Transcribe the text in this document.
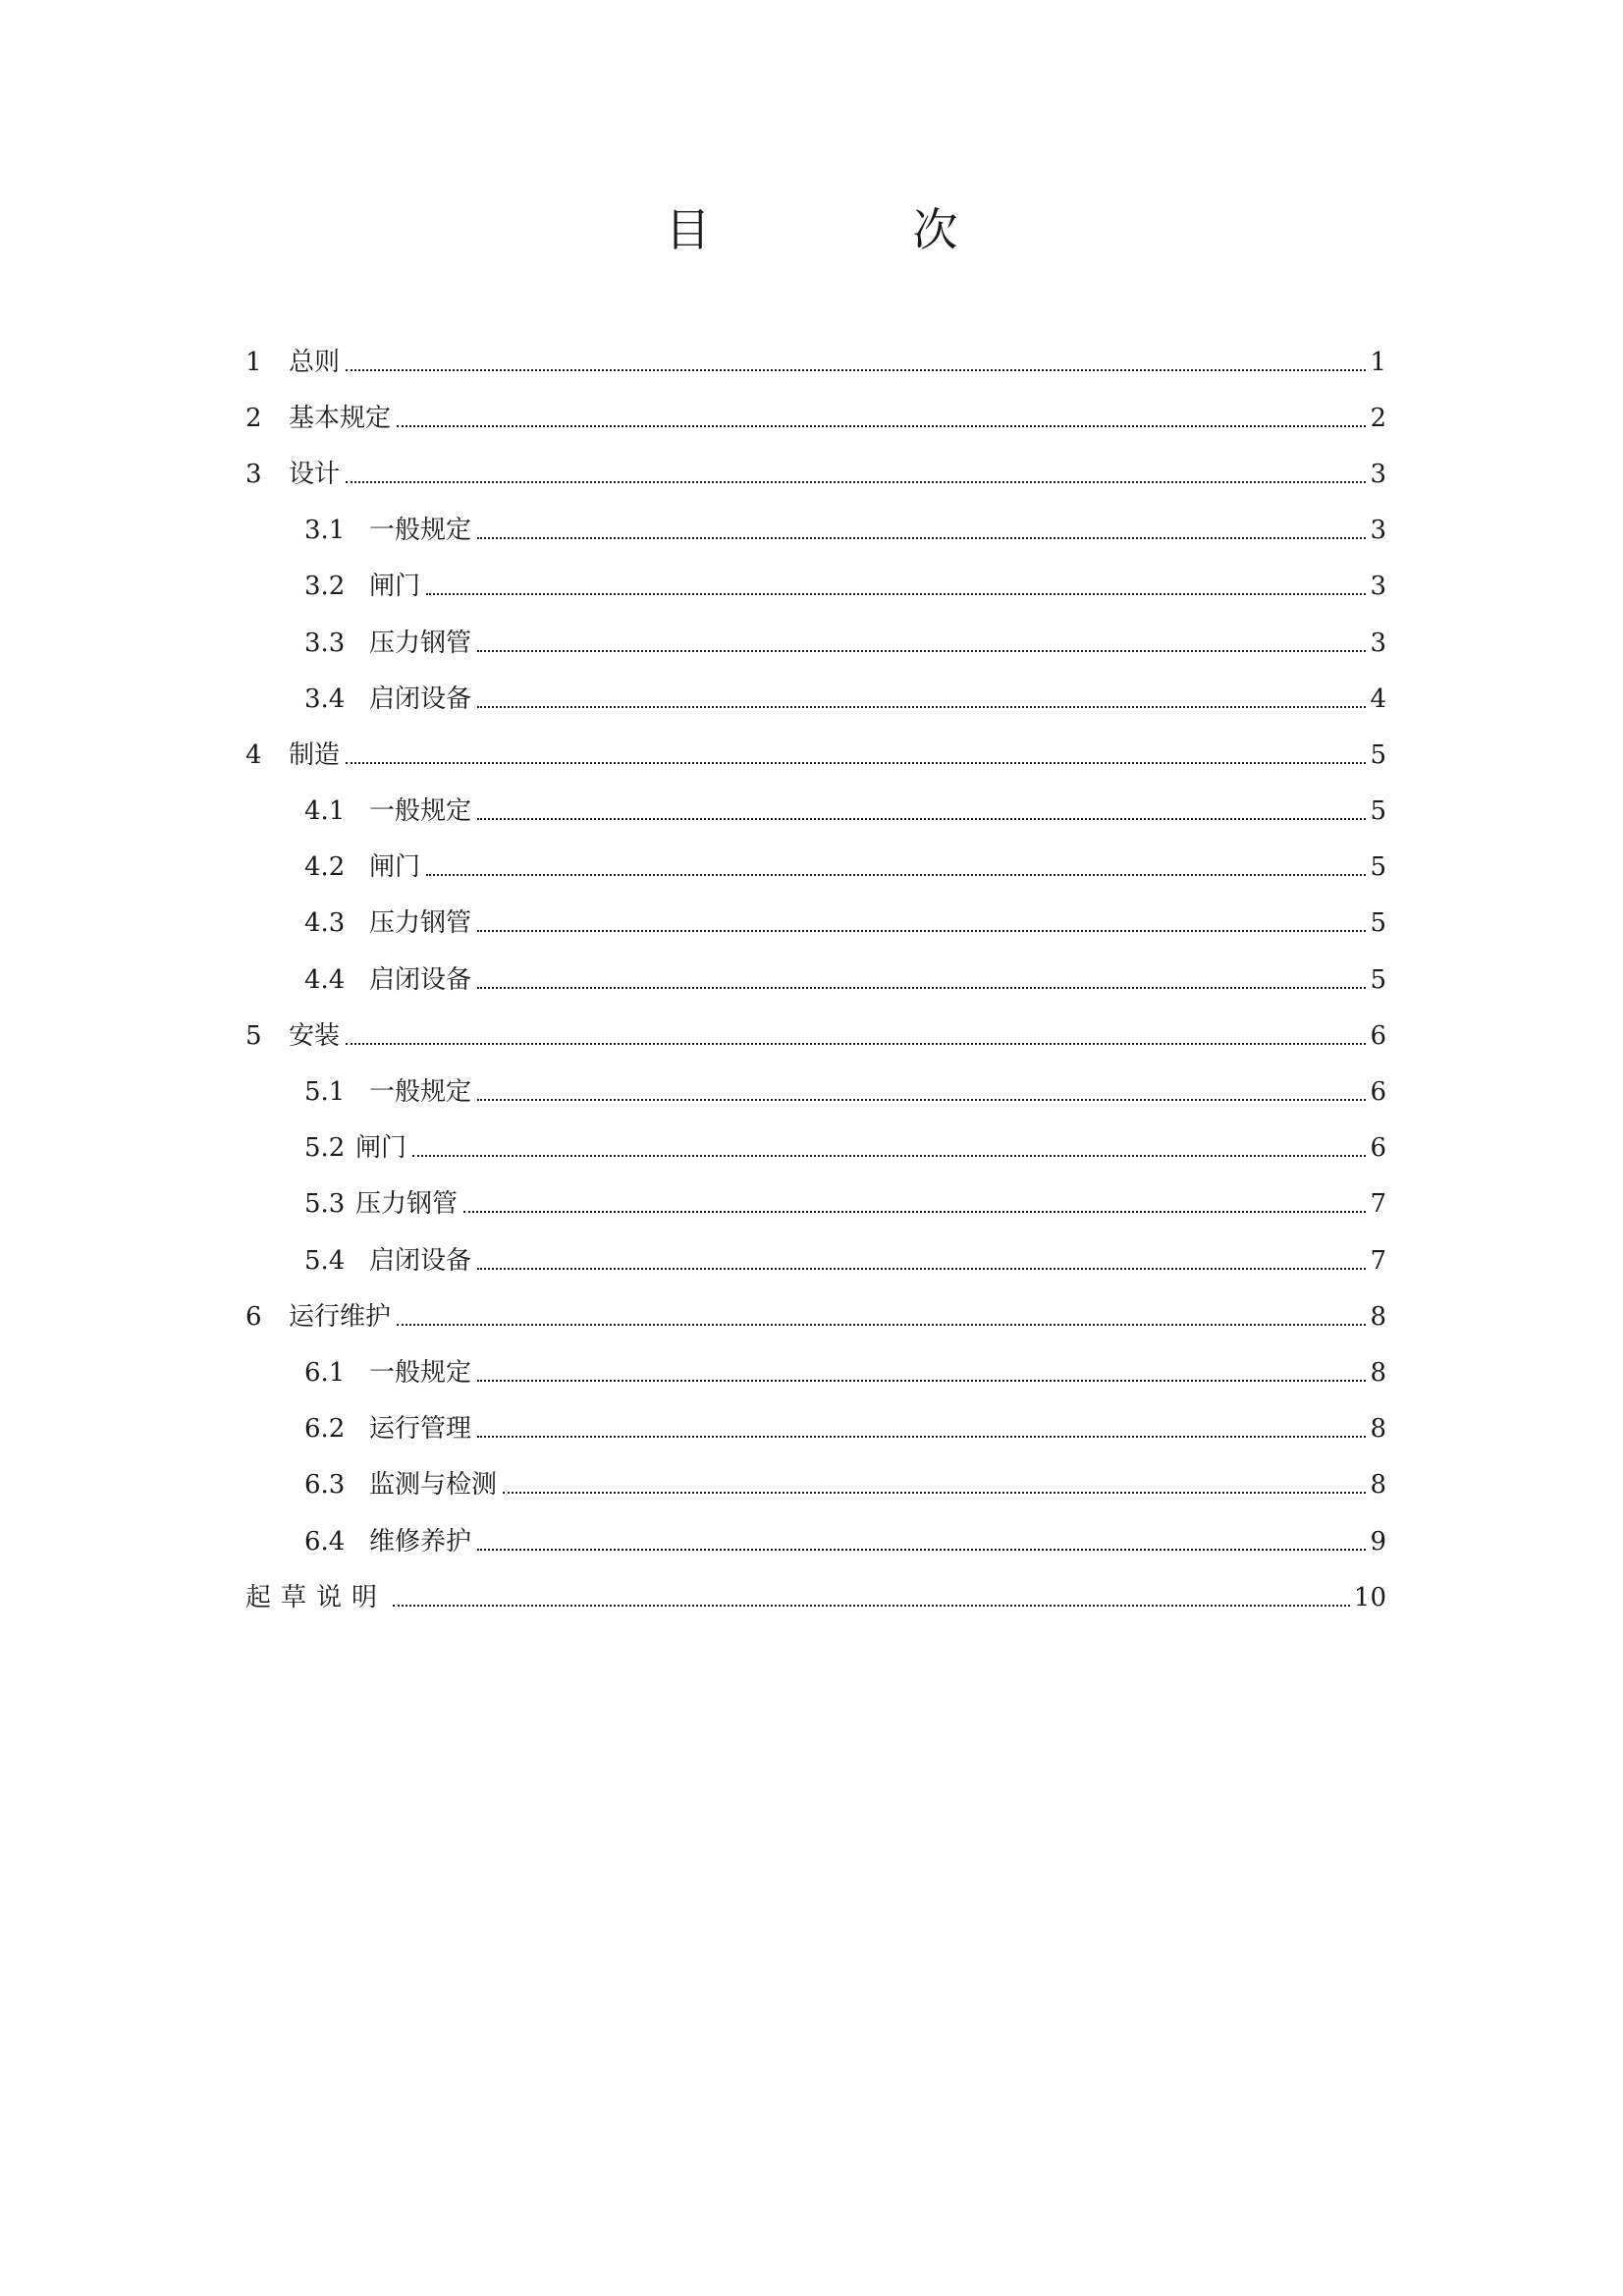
目　次
1	总则	1
2	基本规定	2
3	设计	3
3.1 一般规定	3
3.2 闸门	3
3.3 压力钢管	3
3.4 启闭设备	4
4	制造	5
4.1 一般规定	5
4.2 闸门	5
4.3 压力钢管	5
4.4 启闭设备	5
5	安装	6
5.1 一般规定	6
5.2 闸门	6
5.3 压力钢管	7
5.4 启闭设备	7
6	运行维护	8
6.1 一般规定	8
6.2 运行管理	8
6.3 监测与检测	8
6.4 维修养护	9
起草说明	10
